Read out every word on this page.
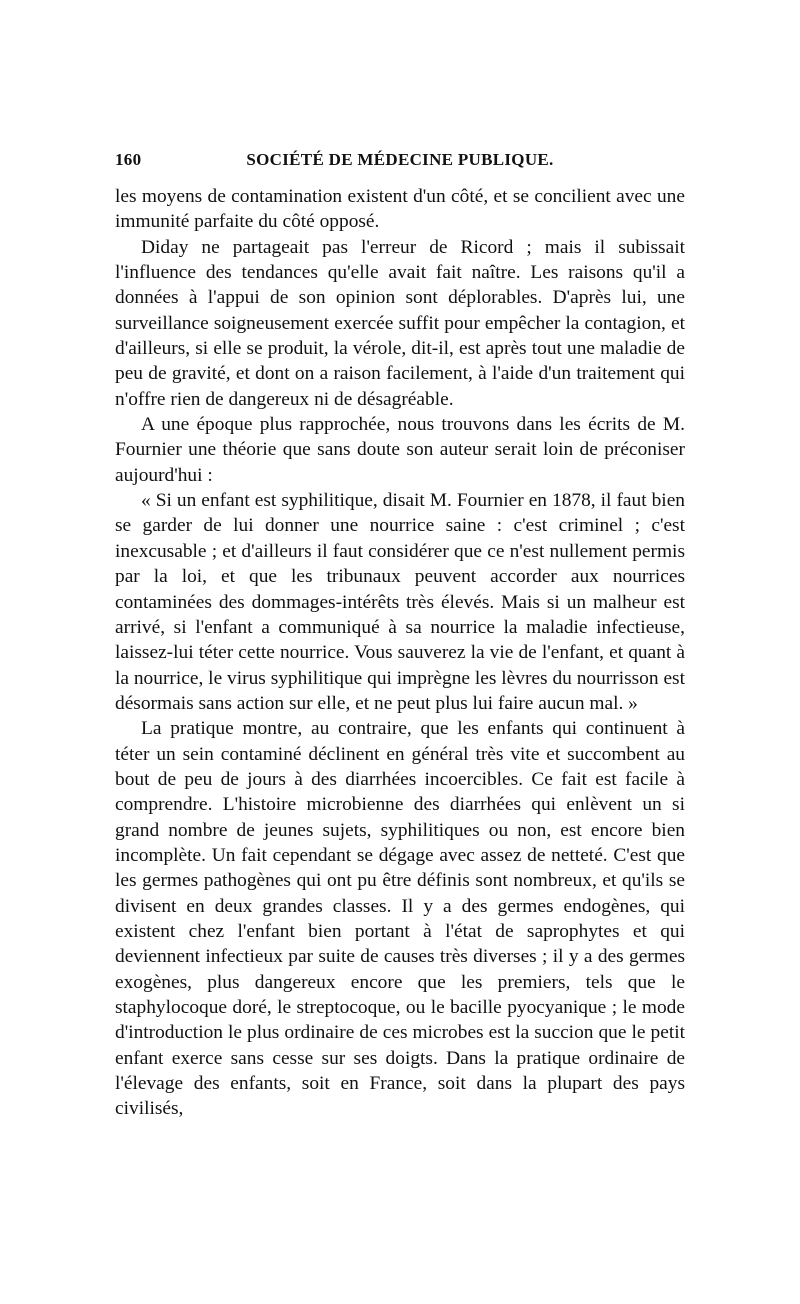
160	SOCIÉTÉ DE MÉDECINE PUBLIQUE.

les moyens de contamination existent d'un côté, et se concilient avec une immunité parfaite du côté opposé.

Diday ne partageait pas l'erreur de Ricord ; mais il subissait l'influence des tendances qu'elle avait fait naître. Les raisons qu'il a données à l'appui de son opinion sont déplorables. D'après lui, une surveillance soigneusement exercée suffit pour empêcher la contagion, et d'ailleurs, si elle se produit, la vérole, dit-il, est après tout une maladie de peu de gravité, et dont on a raison facilement, à l'aide d'un traitement qui n'offre rien de dangereux ni de désagréable.

A une époque plus rapprochée, nous trouvons dans les écrits de M. Fournier une théorie que sans doute son auteur serait loin de préconiser aujourd'hui :

« Si un enfant est syphilitique, disait M. Fournier en 1878, il faut bien se garder de lui donner une nourrice saine : c'est criminel ; c'est inexcusable ; et d'ailleurs il faut considérer que ce n'est nullement permis par la loi, et que les tribunaux peuvent accorder aux nourrices contaminées des dommages-intérêts très élevés. Mais si un malheur est arrivé, si l'enfant a communiqué à sa nourrice la maladie infectieuse, laissez-lui téter cette nourrice. Vous sauverez la vie de l'enfant, et quant à la nourrice, le virus syphilitique qui imprègne les lèvres du nourrisson est désormais sans action sur elle, et ne peut plus lui faire aucun mal. »

La pratique montre, au contraire, que les enfants qui continuent à téter un sein contaminé déclinent en général très vite et succombent au bout de peu de jours à des diarrhées incoercibles. Ce fait est facile à comprendre. L'histoire microbienne des diarrhées qui enlèvent un si grand nombre de jeunes sujets, syphilitiques ou non, est encore bien incomplète. Un fait cependant se dégage avec assez de netteté. C'est que les germes pathogènes qui ont pu être définis sont nombreux, et qu'ils se divisent en deux grandes classes. Il y a des germes endogènes, qui existent chez l'enfant bien portant à l'état de saprophytes et qui deviennent infectieux par suite de causes très diverses ; il y a des germes exogènes, plus dangereux encore que les premiers, tels que le staphylocoque doré, le streptocoque, ou le bacille pyocyanique ; le mode d'introduction le plus ordinaire de ces microbes est la succion que le petit enfant exerce sans cesse sur ses doigts. Dans la pratique ordinaire de l'élevage des enfants, soit en France, soit dans la plupart des pays civilisés,
